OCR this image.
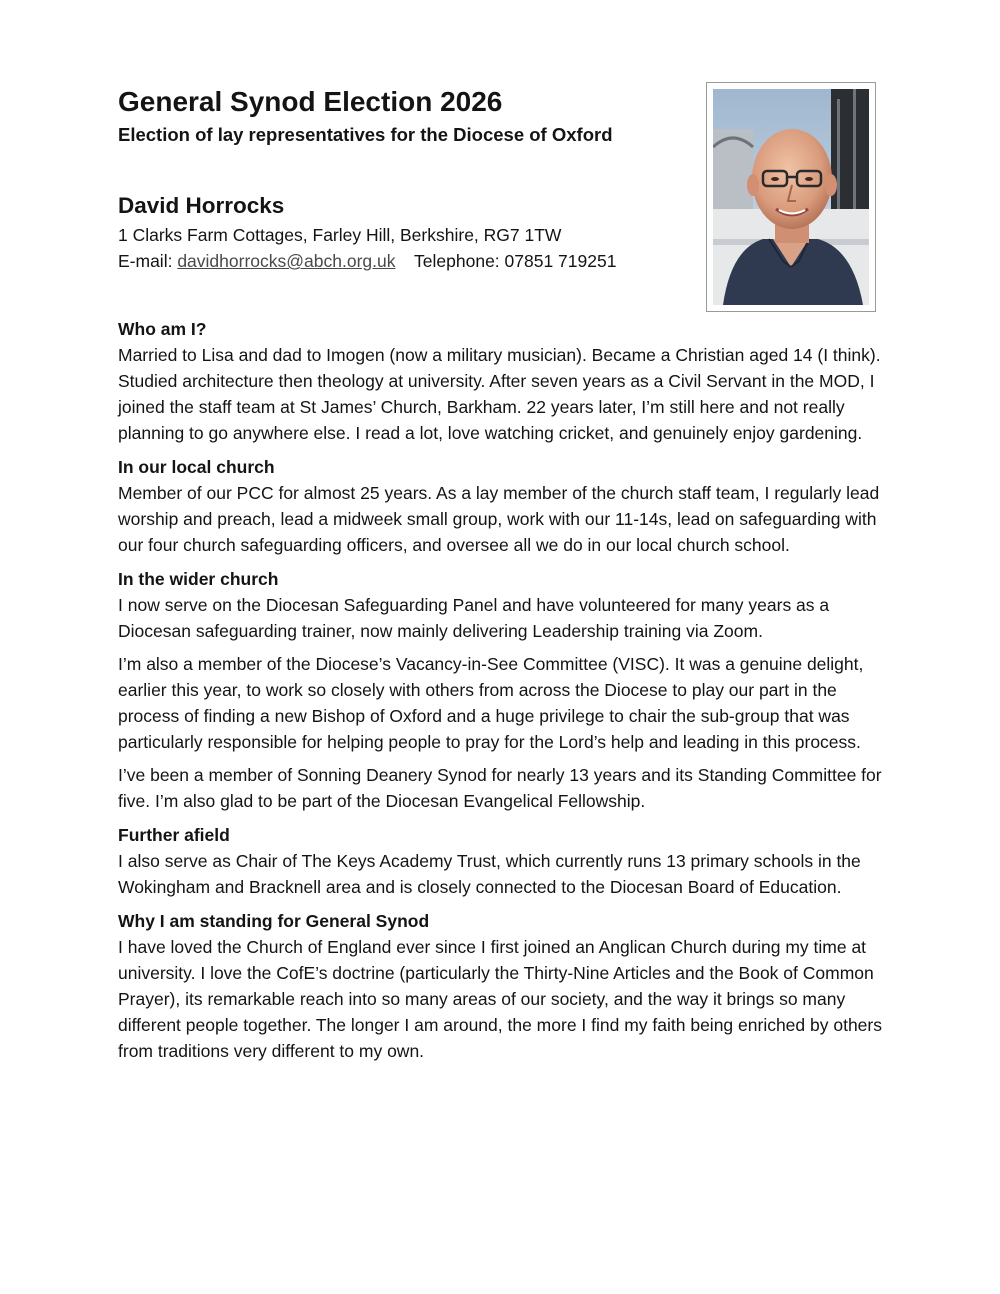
General Synod Election 2026
Election of lay representatives for the Diocese of Oxford
David Horrocks
1 Clarks Farm Cottages, Farley Hill, Berkshire, RG7 1TW
E-mail: davidhorrocks@abch.org.uk Telephone: 07851 719251
Who am I?

Married to Lisa and dad to Imogen (now a military musician). Became a Christian aged 14 (I think). Studied architecture then theology at university. After seven years as a Civil Servant in the MOD, I joined the staff team at St James’ Church, Barkham. 22 years later, I’m still here and not really planning to go anywhere else. I read a lot, love watching cricket, and genuinely enjoy gardening.

In our local church

Member of our PCC for almost 25 years. As a lay member of the church staff team, I regularly lead worship and preach, lead a midweek small group, work with our 11-14s, lead on safeguarding with our four church safeguarding officers, and oversee all we do in our local church school.

In the wider church

I now serve on the Diocesan Safeguarding Panel and have volunteered for many years as a Diocesan safeguarding trainer, now mainly delivering Leadership training via Zoom.

I’m also a member of the Diocese’s Vacancy-in-See Committee (VISC). It was a genuine delight, earlier this year, to work so closely with others from across the Diocese to play our part in the process of finding a new Bishop of Oxford and a huge privilege to chair the sub-group that was particularly responsible for helping people to pray for the Lord’s help and leading in this process.

I’ve been a member of Sonning Deanery Synod for nearly 13 years and its Standing Committee for five. I’m also glad to be part of the Diocesan Evangelical Fellowship.

Further afield

I also serve as Chair of The Keys Academy Trust, which currently runs 13 primary schools in the Wokingham and Bracknell area and is closely connected to the Diocesan Board of Education.

Why I am standing for General Synod

I have loved the Church of England ever since I first joined an Anglican Church during my time at university. I love the CofE’s doctrine (particularly the Thirty-Nine Articles and the Book of Common Prayer), its remarkable reach into so many areas of our society, and the way it brings so many different people together. The longer I am around, the more I find my faith being enriched by others from traditions very different to my own.
